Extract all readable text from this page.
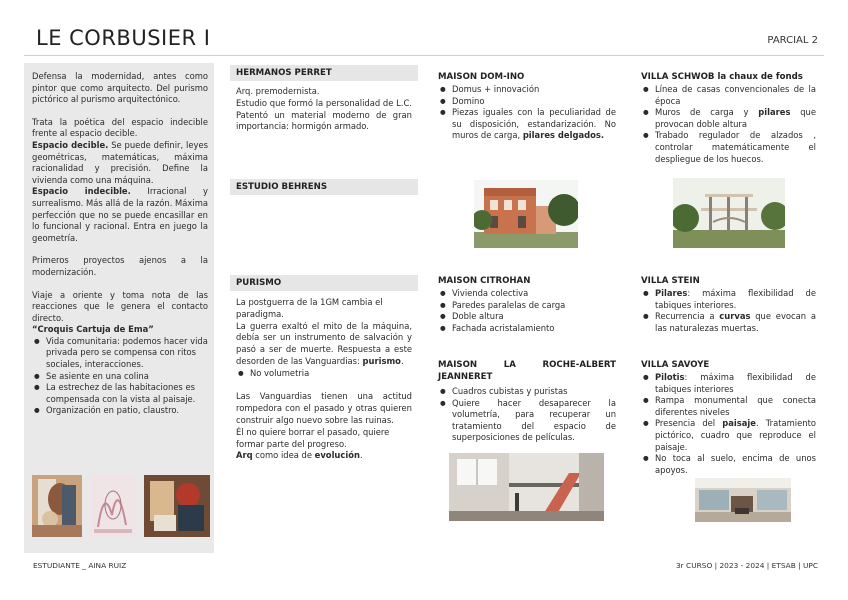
LE CORBUSIER I	PARCIAL 2

Defensa la modernidad, antes como pintor que como arquitecto. Del purismo pictórico al purismo arquitectónico.

Trata la poética del espacio indecible frente al espacio decible.
Espacio decible. Se puede definir, leyes geométricas, matemáticas, máxima racionalidad y precisión. Define la vivienda como una máquina.
Espacio indecible. Irracional y surrealismo. Más allá de la razón. Máxima perfección que no se puede encasillar en lo funcional y racional. Entra en juego la geometría.

Primeros proyectos ajenos a la modernización.

Viaje a oriente y toma nota de las reacciones que le genera el contacto directo.

“Croquis Cartuja de Ema”

● Vida comunitaria: podemos hacer vida privada pero se compensa con ritos sociales, interacciones.
● Se asiente en una colina
● La estrechez de las habitaciones es compensada con la vista al paisaje.
● Organización en patio, claustro.
HERMANOS PERRET

Arq. premodernista.

Estudio que formó la personalidad de L.C. Patentó un material moderno de gran importancia: hormigón armado.

ESTUDIO BEHRENS
PURISMO

La postguerra de la 1GM cambia el paradigma.

La guerra exaltó el mito de la máquina, debía ser un instrumento de salvación y pasó a ser de muerte. Respuesta a este desorden de las Vanguardias: purismo.

● No volumetria

Las Vanguardias tienen una actitud rompedora con el pasado y otras quieren construir algo nuevo sobre las ruinas.

Él no quiere borrar el pasado, quiere formar parte del progreso.

Arq como idea de evolución.

MAISON DOM-INO
● Domus + innovación
● Domino
● Piezas iguales con la peculiaridad de su disposición, estandarización. No muros de carga, pilares delgados.
MAISON CITROHAN
● Vivienda colectiva
● Paredes paralelas de carga
● Doble altura
● Fachada acristalamiento
MAISON LA ROCHE-ALBERT JEANNERET
● Cuadros cubistas y puristas
● Quiere hacer desaparecer la volumetría, para recuperar un tratamiento del espacio de superposiciones de películas.
VILLA SCHWOB la chaux de fonds
● Línea de casas convencionales de la época
● Muros de carga y pilares que provocan doble altura
● Trabado regulador de alzados , controlar matemáticamente el despliegue de los huecos.
VILLA STEIN
● Pilares: máxima flexibilidad de tabiques interiores.
● Recurrencia a curvas que evocan a las naturalezas muertas.
VILLA SAVOYE
● Pilotis: máxima flexibilidad de tabiques interiores
● Rampa monumental que conecta diferentes niveles
● Presencia del paisaje. Tratamiento pictórico, cuadro que reproduce el paisaje.
● No toca al suelo, encima de unos apoyos.
ESTUDIANTE _ AINA RUIZ	3r CURSO | 2023 - 2024 | ETSAB | UPC
